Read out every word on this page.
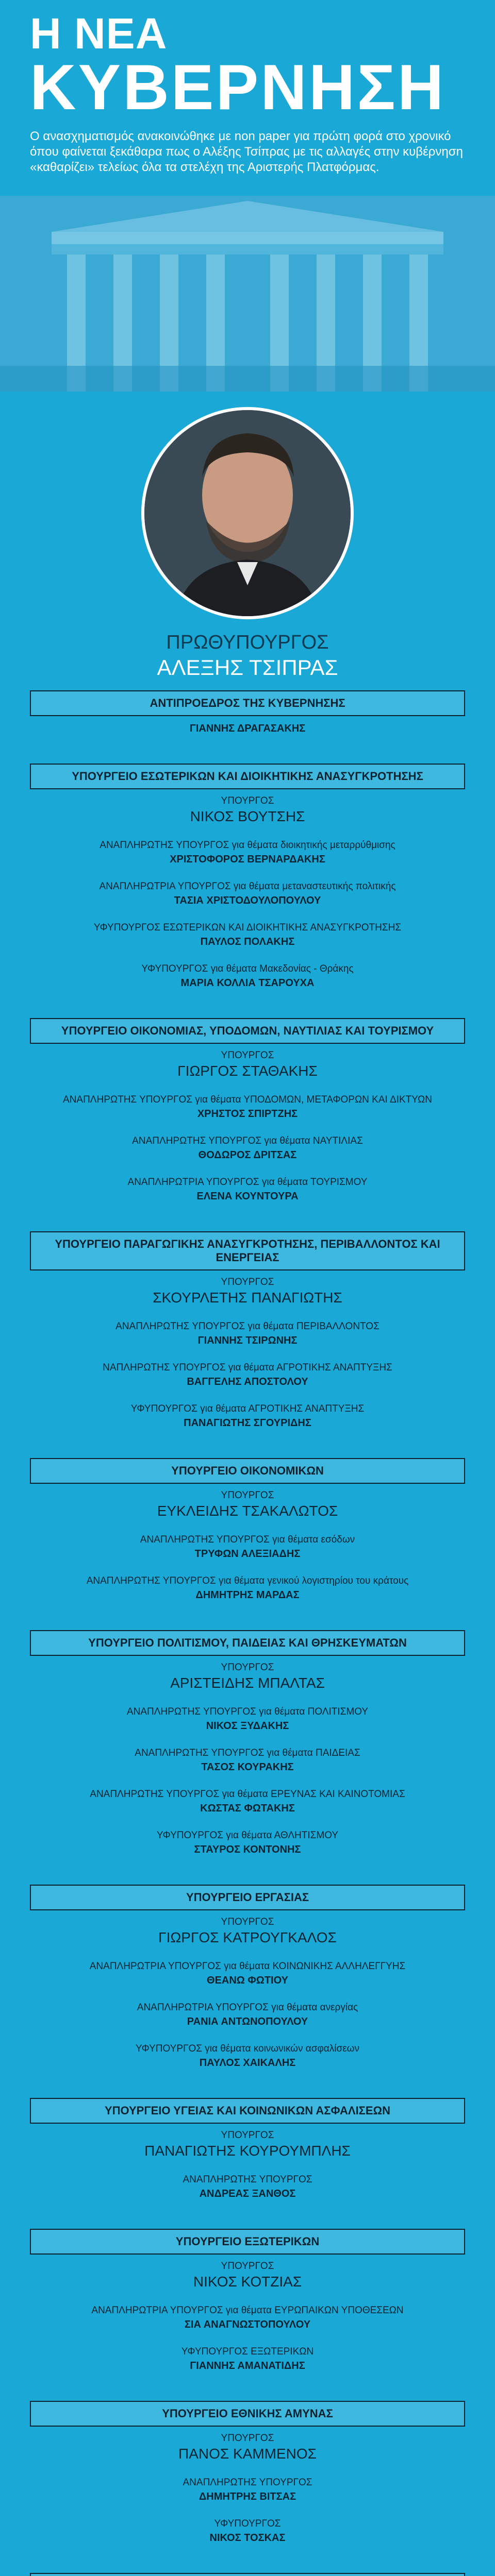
Η ΝΕΑ
ΚΥΒΕΡΝΗΣΗ

Ο ανασχηματισμός ανακοινώθηκε με non paper για πρώτη φορά στο χρονικό όπου φαίνεται ξεκάθαρα πως ο Αλέξης Τσίπρας με τις αλλαγές στην κυβέρνηση «καθαρίζει» τελείως όλα τα στελέχη της Αριστερής Πλατφόρμας.

ΠΡΩΘΥΠΟΥΡΓΟΣ
ΑΛΕΞΗΣ ΤΣΙΠΡΑΣ
ΑΝΤΙΠΡΟΕΔΡΟΣ ΤΗΣ ΚΥΒΕΡΝΗΣΗΣ
ΓΙΑΝΝΗΣ ΔΡΑΓΑΣΑΚΗΣ
ΥΠΟΥΡΓΕΙΟ ΕΣΩΤΕΡΙΚΩΝ ΚΑΙ ΔΙΟΙΚΗΤΙΚΗΣ ΑΝΑΣΥΓΚΡΟΤΗΣΗΣ
ΥΠΟΥΡΓΟΣ
ΝΙΚΟΣ ΒΟΥΤΣΗΣ
ΑΝΑΠΛΗΡΩΤΗΣ ΥΠΟΥΡΓΟΣ για θέματα διοικητικής μεταρρύθμισης
ΧΡΙΣΤΟΦΟΡΟΣ ΒΕΡΝΑΡΔΑΚΗΣ
ΑΝΑΠΛΗΡΩΤΡΙΑ ΥΠΟΥΡΓΟΣ για θέματα μεταναστευτικής πολιτικής
ΤΑΣΙΑ ΧΡΙΣΤΟΔΟΥΛΟΠΟΥΛΟΥ
ΥΦΥΠΟΥΡΓΟΣ ΕΣΩΤΕΡΙΚΩΝ ΚΑΙ ΔΙΟΙΚΗΤΙΚΗΣ ΑΝΑΣΥΓΚΡΟΤΗΣΗΣ
ΠΑΥΛΟΣ ΠΟΛΑΚΗΣ
ΥΦΥΠΟΥΡΓΟΣ για θέματα Μακεδονίας - Θράκης
ΜΑΡΙΑ ΚΟΛΛΙΑ ΤΣΑΡΟΥΧΑ
ΥΠΟΥΡΓΕΙΟ ΟΙΚΟΝΟΜΙΑΣ, ΥΠΟΔΟΜΩΝ, ΝΑΥΤΙΛΙΑΣ ΚΑΙ ΤΟΥΡΙΣΜΟΥ
ΥΠΟΥΡΓΟΣ
ΓΙΩΡΓΟΣ ΣΤΑΘΑΚΗΣ
ΑΝΑΠΛΗΡΩΤΗΣ ΥΠΟΥΡΓΟΣ για θέματα ΥΠΟΔΟΜΩΝ, ΜΕΤΑΦΟΡΩΝ ΚΑΙ ΔΙΚΤΥΩΝ
ΧΡΗΣΤΟΣ ΣΠΙΡΤΖΗΣ
ΑΝΑΠΛΗΡΩΤΗΣ ΥΠΟΥΡΓΟΣ για θέματα ΝΑΥΤΙΛΙΑΣ
ΘΟΔΩΡΟΣ ΔΡΙΤΣΑΣ
ΑΝΑΠΛΗΡΩΤΡΙΑ ΥΠΟΥΡΓΟΣ για θέματα ΤΟΥΡΙΣΜΟΥ
ΕΛΕΝΑ ΚΟΥΝΤΟΥΡΑ
ΥΠΟΥΡΓΕΙΟ ΠΑΡΑΓΩΓΙΚΗΣ ΑΝΑΣΥΓΚΡΟΤΗΣΗΣ, ΠΕΡΙΒΑΛΛΟΝΤΟΣ ΚΑΙ ΕΝΕΡΓΕΙΑΣ
ΥΠΟΥΡΓΟΣ
ΣΚΟΥΡΛΕΤΗΣ ΠΑΝΑΓΙΩΤΗΣ
ΑΝΑΠΛΗΡΩΤΗΣ ΥΠΟΥΡΓΟΣ για θέματα ΠΕΡΙΒΑΛΛΟΝΤΟΣ
ΓΙΑΝΝΗΣ ΤΣΙΡΩΝΗΣ
ΝΑΠΛΗΡΩΤΗΣ ΥΠΟΥΡΓΟΣ για θέματα ΑΓΡΟΤΙΚΗΣ ΑΝΑΠΤΥΞΗΣ
ΒΑΓΓΕΛΗΣ ΑΠΟΣΤΟΛΟΥ
ΥΦΥΠΟΥΡΓΟΣ για θέματα ΑΓΡΟΤΙΚΗΣ ΑΝΑΠΤΥΞΗΣ
ΠΑΝΑΓΙΩΤΗΣ ΣΓΟΥΡΙΔΗΣ
ΥΠΟΥΡΓΕΙΟ ΟΙΚΟΝΟΜΙΚΩΝ
ΥΠΟΥΡΓΟΣ
ΕΥΚΛΕΙΔΗΣ ΤΣΑΚΑΛΩΤΟΣ
ΑΝΑΠΛΗΡΩΤΗΣ ΥΠΟΥΡΓΟΣ για θέματα εσόδων
ΤΡΥΦΩΝ ΑΛΕΞΙΑΔΗΣ
ΑΝΑΠΛΗΡΩΤΗΣ ΥΠΟΥΡΓΟΣ για θέματα γενικού λογιστηρίου του κράτους
ΔΗΜΗΤΡΗΣ ΜΑΡΔΑΣ
ΥΠΟΥΡΓΕΙΟ ΠΟΛΙΤΙΣΜΟΥ, ΠΑΙΔΕΙΑΣ ΚΑΙ ΘΡΗΣΚΕΥΜΑΤΩΝ
ΥΠΟΥΡΓΟΣ
ΑΡΙΣΤΕΙΔΗΣ ΜΠΑΛΤΑΣ
ΑΝΑΠΛΗΡΩΤΗΣ ΥΠΟΥΡΓΟΣ για θέματα ΠΟΛΙΤΙΣΜΟΥ
ΝΙΚΟΣ ΞΥΔΑΚΗΣ
ΑΝΑΠΛΗΡΩΤΗΣ ΥΠΟΥΡΓΟΣ για θέματα ΠΑΙΔΕΙΑΣ
ΤΑΣΟΣ ΚΟΥΡΑΚΗΣ
ΑΝΑΠΛΗΡΩΤΗΣ ΥΠΟΥΡΓΟΣ για θέματα ΕΡΕΥΝΑΣ ΚΑΙ ΚΑΙΝΟΤΟΜΙΑΣ
ΚΩΣΤΑΣ ΦΩΤΑΚΗΣ
ΥΦΥΠΟΥΡΓΟΣ για θέματα ΑΘΛΗΤΙΣΜΟΥ
ΣΤΑΥΡΟΣ ΚΟΝΤΟΝΗΣ
ΥΠΟΥΡΓΕΙΟ ΕΡΓΑΣΙΑΣ
ΥΠΟΥΡΓΟΣ
ΓΙΩΡΓΟΣ ΚΑΤΡΟΥΓΚΑΛΟΣ
ΑΝΑΠΛΗΡΩΤΡΙΑ ΥΠΟΥΡΓΟΣ για θέματα ΚΟΙΝΩΝΙΚΗΣ ΑΛΛΗΛΕΓΓΥΗΣ
ΘΕΑΝΩ ΦΩΤΙΟΥ
ΑΝΑΠΛΗΡΩΤΡΙΑ ΥΠΟΥΡΓΟΣ για θέματα ανεργίας
ΡΑΝΙΑ ΑΝΤΩΝΟΠΟΥΛΟΥ
ΥΦΥΠΟΥΡΓΟΣ για θέματα κοινωνικών ασφαλίσεων
ΠΑΥΛΟΣ ΧΑΙΚΑΛΗΣ
ΥΠΟΥΡΓΕΙΟ ΥΓΕΙΑΣ ΚΑΙ ΚΟΙΝΩΝΙΚΩΝ ΑΣΦΑΛΙΣΕΩΝ
ΥΠΟΥΡΓΟΣ
ΠΑΝΑΓΙΩΤΗΣ ΚΟΥΡΟΥΜΠΛΗΣ
ΑΝΑΠΛΗΡΩΤΗΣ ΥΠΟΥΡΓΟΣ
ΑΝΔΡΕΑΣ ΞΑΝΘΟΣ
ΥΠΟΥΡΓΕΙΟ ΕΞΩΤΕΡΙΚΩΝ
ΥΠΟΥΡΓΟΣ
ΝΙΚΟΣ ΚΟΤΖΙΑΣ
ΑΝΑΠΛΗΡΩΤΡΙΑ ΥΠΟΥΡΓΟΣ για θέματα ΕΥΡΩΠΑΙΚΩΝ ΥΠΟΘΕΣΕΩΝ
ΣΙΑ ΑΝΑΓΝΩΣΤΟΠΟΥΛΟΥ
ΥΦΥΠΟΥΡΓΟΣ ΕΞΩΤΕΡΙΚΩΝ
ΓΙΑΝΝΗΣ ΑΜΑΝΑΤΙΔΗΣ
ΥΠΟΥΡΓΕΙΟ ΕΘΝΙΚΗΣ ΑΜΥΝΑΣ
ΥΠΟΥΡΓΟΣ
ΠΑΝΟΣ ΚΑΜΜΕΝΟΣ
ΑΝΑΠΛΗΡΩΤΗΣ ΥΠΟΥΡΓΟΣ
ΔΗΜΗΤΡΗΣ ΒΙΤΣΑΣ
ΥΦΥΠΟΥΡΓΟΣ
ΝΙΚΟΣ ΤΟΣΚΑΣ
